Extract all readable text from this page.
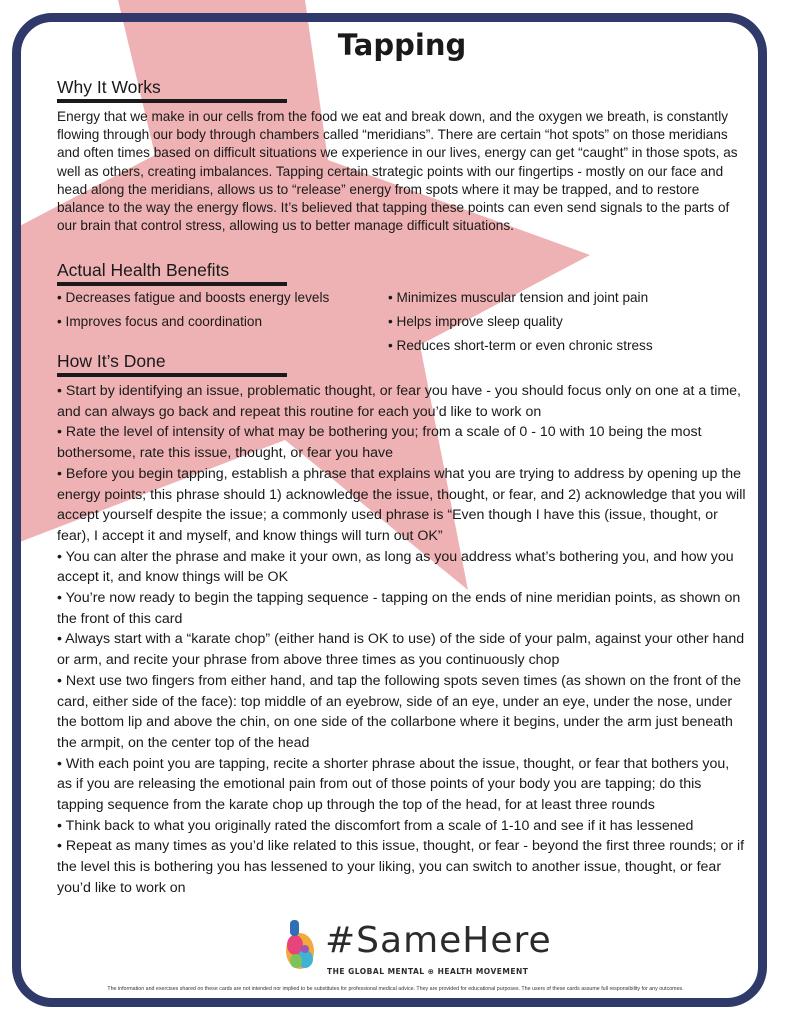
Tapping
Why It Works
Energy that we make in our cells from the food we eat and break down, and the oxygen we breath, is constantly flowing through our body through chambers called “meridians”. There are certain “hot spots” on those meridians and often times based on difficult situations we experience in our lives, energy can get “caught” in those spots, as well as others, creating imbalances. Tapping certain strategic points with our fingertips - mostly on our face and head along the meridians, allows us to “release” energy from spots where it may be trapped, and to restore balance to the way the energy flows. It’s believed that tapping these points can even send signals to the parts of our brain that control stress, allowing us to better manage difficult situations.
Actual Health Benefits
• Decreases fatigue and boosts energy levels
• Improves focus and coordination
• Minimizes muscular tension and joint pain
• Helps improve sleep quality
• Reduces short-term or even chronic stress
How It’s Done

• Start by identifying an issue, problematic thought, or fear you have - you should focus only on one at a time, and can always go back and repeat this routine for each you’d like to work on

• Rate the level of intensity of what may be bothering you; from a scale of 0 - 10 with 10 being the most bothersome, rate this issue, thought, or fear you have

• Before you begin tapping, establish a phrase that explains what you are trying to address by opening up the energy points; this phrase should 1) acknowledge the issue, thought, or fear, and 2) acknowledge that you will accept yourself despite the issue; a commonly used phrase is “Even though I have this (issue, thought, or fear), I accept it and myself, and know things will turn out OK”

• You can alter the phrase and make it your own, as long as you address what’s bothering you, and how you accept it, and know things will be OK

• You’re now ready to begin the tapping sequence - tapping on the ends of nine meridian points, as shown on the front of this card

• Always start with a “karate chop” (either hand is OK to use) of the side of your palm, against your other hand or arm, and recite your phrase from above three times as you continuously chop

• Next use two fingers from either hand, and tap the following spots seven times (as shown on the front of the card, either side of the face): top middle of an eyebrow, side of an eye, under an eye, under the nose, under the bottom lip and above the chin, on one side of the collarbone where it begins, under the arm just beneath the armpit, on the center top of the head

• With each point you are tapping, recite a shorter phrase about the issue, thought, or fear that bothers you, as if you are releasing the emotional pain from out of those points of your body you are tapping; do this tapping sequence from the karate chop up through the top of the head, for at least three rounds

• Think back to what you originally rated the discomfort from a scale of 1-10 and see if it has lessened

• Repeat as many times as you’d like related to this issue, thought, or fear - beyond the first three rounds; or if the level this is bothering you has lessened to your liking, you can switch to another issue, thought, or fear you’d like to work on

#SameHere
THE GLOBAL MENTAL ⊕ HEALTH MOVEMENT
The information and exercises shared on these cards are not intended nor implied to be substitutes for professional medical advice. They are provided for educational purposes. The users of these cards assume full responsibility for any outcomes.
